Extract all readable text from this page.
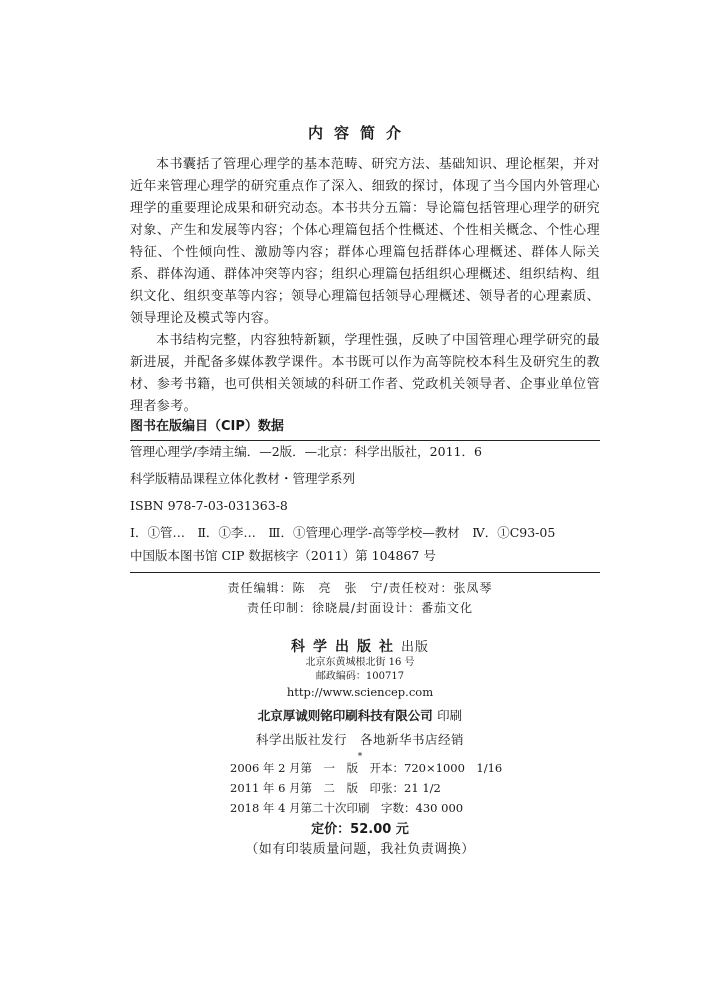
内容简介

本书囊括了管理心理学的基本范畴、研究方法、基础知识、理论框架，并对近年来管理心理学的研究重点作了深入、细致的探讨，体现了当今国内外管理心理学的重要理论成果和研究动态。本书共分五篇：导论篇包括管理心理学的研究对象、产生和发展等内容；个体心理篇包括个性概述、个性相关概念、个性心理特征、个性倾向性、激励等内容；群体心理篇包括群体心理概述、群体人际关系、群体沟通、群体冲突等内容；组织心理篇包括组织心理概述、组织结构、组织文化、组织变革等内容；领导心理篇包括领导心理概述、领导者的心理素质、领导理论及模式等内容。

本书结构完整，内容独特新颖，学理性强，反映了中国管理心理学研究的最新进展，并配备多媒体教学课件。本书既可以作为高等院校本科生及研究生的教材、参考书籍，也可供相关领域的科研工作者、党政机关领导者、企事业单位管理者参考。

图书在版编目（CIP）数据
管理心理学/李靖主编．—2版．—北京：科学出版社，2011．6
科学版精品课程立体化教材・管理学系列
ISBN 978-7-03-031363-8
Ⅰ．①管…　Ⅱ．①李…　Ⅲ．①管理心理学-高等学校—教材　Ⅳ．①C93-05
中国版本图书馆 CIP 数据核字（2011）第 104867 号
责任编辑：陈　亮　张　宁/责任校对：张凤琴
责任印制：徐晓晨/封面设计：番茄文化
科学出版社出版
北京东黄城根北街 16 号
邮政编码：100717
http://www.sciencep.com
北京厚诚则铭印刷科技有限公司 印刷
科学出版社发行　各地新华书店经销
*
2006 年 2 月第　一　版　开本：720×1000　1/16
2011 年 6 月第　二　版　印张：21 1/2
2018 年 4 月第二十次印刷　字数：430 000
定价：52.00 元
（如有印装质量问题，我社负责调换）
